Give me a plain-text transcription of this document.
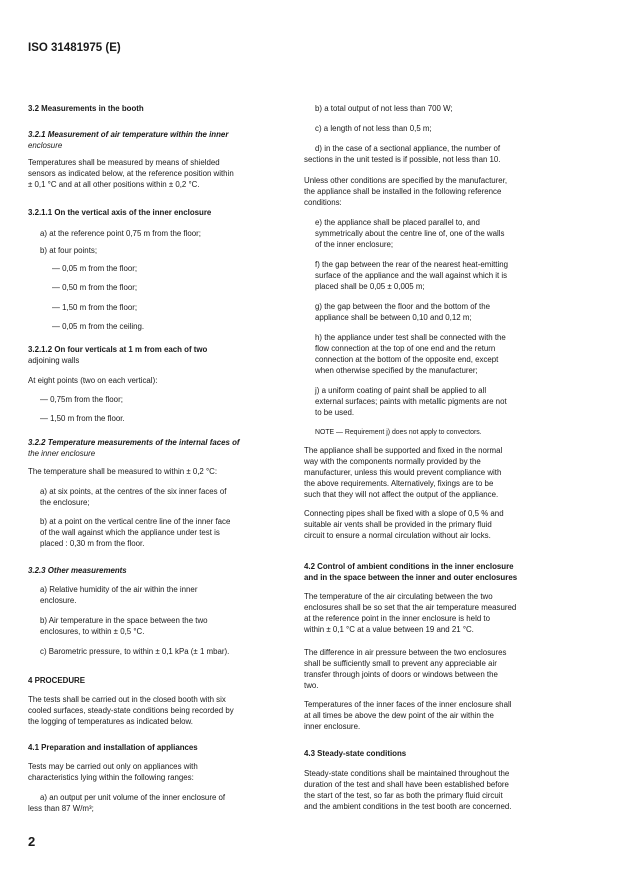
ISO 31481975 (E)
3.2 Measurements in the booth
3.2.1 Measurement of air temperature within the inner
enclosure
Temperatures shall be measured by means of shielded
sensors as indicated below, at the reference position within
± 0,1 °C and at all other positions within ± 0,2 °C.
3.2.1.1 On the vertical axis of the inner enclosure
a) at the reference point 0,75 m from the floor;
b) at four points;
— 0,05 m from the floor;
— 0,50 m from the floor;
— 1,50 m from the floor;
— 0,05 m from the ceiling.
3.2.1.2 On four verticals at 1 m from each of two
adjoining walls
At eight points (two on each vertical):
— 0,75m from the floor;
— 1,50 m from the floor.
3.2.2 Temperature measurements of the internal faces of
the inner enclosure
The temperature shall be measured to within ± 0,2 °C:
a) at six points, at the centres of the six inner faces of
the enclosure;
b) at a point on the vertical centre line of the inner face
of the wall against which the appliance under test is
placed : 0,30 m from the floor.
3.2.3 Other measurements
a) Relative humidity of the air within the inner
enclosure.
b) Air temperature in the space between the two
enclosures, to within ± 0,5 °C.
c) Barometric pressure, to within ± 0,1 kPa (± 1 mbar).
4 PROCEDURE
The tests shall be carried out in the closed booth with six
cooled surfaces, steady-state conditions being recorded by
the logging of temperatures as indicated below.
4.1 Preparation and installation of appliances
Tests may be carried out only on appliances with
characteristics lying within the following ranges:
a) an output per unit volume of the inner enclosure of
less than 87 W/m³;
b) a total output of not less than 700 W;
c) a length of not less than 0,5 m;
d) in the case of a sectional appliance, the number of
sections in the unit tested is if possible, not less than 10.
Unless other conditions are specified by the manufacturer,
the appliance shall be installed in the following reference
conditions:
e) the appliance shall be placed parallel to, and
symmetrically about the centre line of, one of the walls
of the inner enclosure;
f) the gap between the rear of the nearest heat-emitting
surface of the appliance and the wall against which it is
placed shall be 0,05 ± 0,005 m;
g) the gap between the floor and the bottom of the
appliance shall be between 0,10 and 0,12 m;
h) the appliance under test shall be connected with the
flow connection at the top of one end and the return
connection at the bottom of the opposite end, except
when otherwise specified by the manufacturer;
j) a uniform coating of paint shall be applied to all
external surfaces; paints with metallic pigments are not
to be used.
NOTE — Requirement j) does not apply to convectors.
The appliance shall be supported and fixed in the normal
way with the components normally provided by the
manufacturer, unless this would prevent compliance with
the above requirements. Alternatively, fixings are to be
such that they will not affect the output of the appliance.
Connecting pipes shall be fixed with a slope of 0,5 % and
suitable air vents shall be provided in the primary fluid
circuit to ensure a normal circulation without air locks.
4.2 Control of ambient conditions in the inner enclosure
and in the space between the inner and outer enclosures
The temperature of the air circulating between the two
enclosures shall be so set that the air temperature measured
at the reference point in the inner enclosure is held to
within ± 0,1 °C at a value between 19 and 21 °C.
The difference in air pressure between the two enclosures
shall be sufficiently small to prevent any appreciable air
transfer through joints of doors or windows between the
two.
Temperatures of the inner faces of the inner enclosure shall
at all times be above the dew point of the air within the
inner enclosure.
4.3 Steady-state conditions
Steady-state conditions shall be maintained throughout the
duration of the test and shall have been established before
the start of the test, so far as both the primary fluid circuit
and the ambient conditions in the test booth are concerned.
2
